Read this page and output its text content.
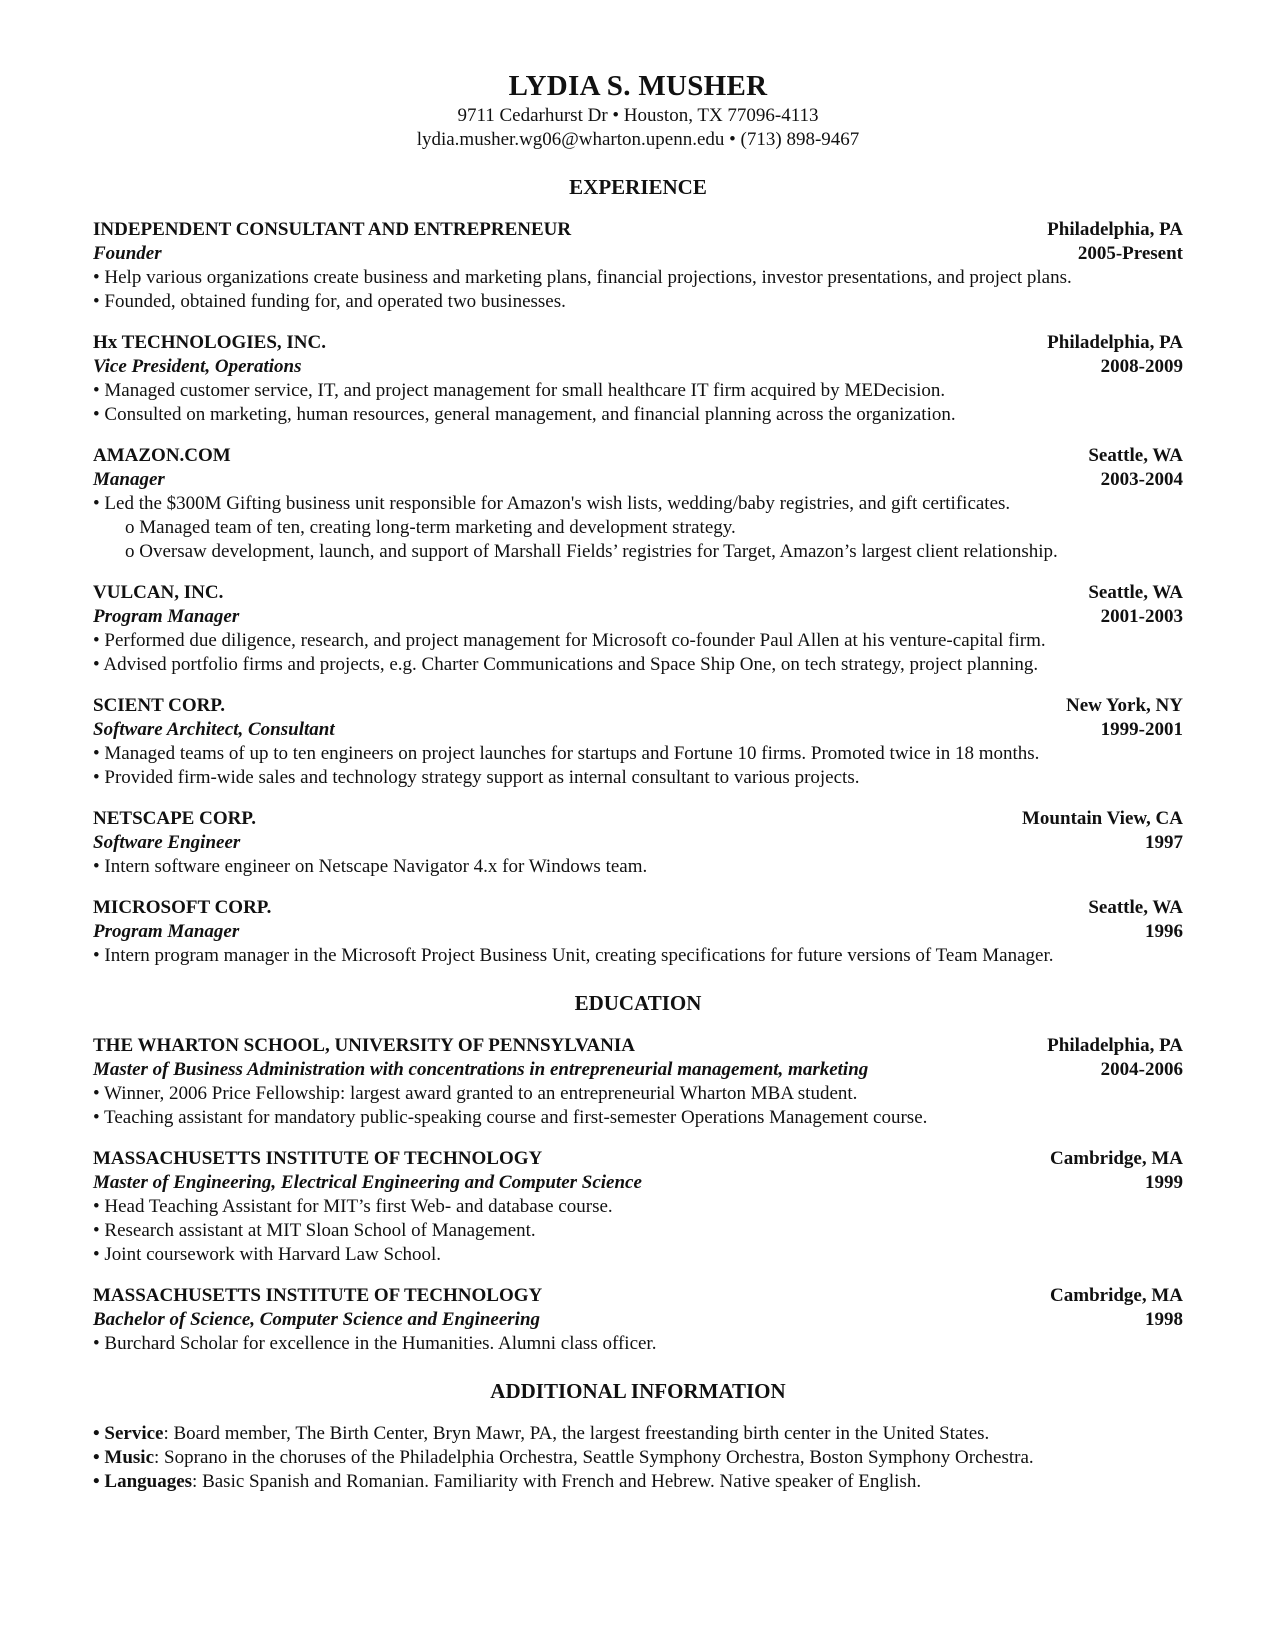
LYDIA S. MUSHER

9711 Cedarhurst Dr • Houston, TX 77096-4113

lydia.musher.wg06@wharton.upenn.edu • (713) 898-9467

EXPERIENCE
INDEPENDENT CONSULTANT AND ENTREPRENEUR	Philadelphia, PA
Founder	2005-Present
• Help various organizations create business and marketing plans, financial projections, investor presentations, and project plans.
• Founded, obtained funding for, and operated two businesses.
Hx TECHNOLOGIES, INC.	Philadelphia, PA
Vice President, Operations	2008-2009
• Managed customer service, IT, and project management for small healthcare IT firm acquired by MEDecision.
• Consulted on marketing, human resources, general management, and financial planning across the organization.
AMAZON.COM	Seattle, WA
Manager	2003-2004
• Led the $300M Gifting business unit responsible for Amazon's wish lists, wedding/baby registries, and gift certificates.
o Managed team of ten, creating long-term marketing and development strategy.
o Oversaw development, launch, and support of Marshall Fields’ registries for Target, Amazon’s largest client relationship.
VULCAN, INC.	Seattle, WA
Program Manager	2001-2003
• Performed due diligence, research, and project management for Microsoft co-founder Paul Allen at his venture-capital firm.
• Advised portfolio firms and projects, e.g. Charter Communications and Space Ship One, on tech strategy, project planning.
SCIENT CORP.	New York, NY
Software Architect, Consultant	1999-2001
• Managed teams of up to ten engineers on project launches for startups and Fortune 10 firms. Promoted twice in 18 months.
• Provided firm-wide sales and technology strategy support as internal consultant to various projects.
NETSCAPE CORP.	Mountain View, CA
Software Engineer	1997
• Intern software engineer on Netscape Navigator 4.x for Windows team.
MICROSOFT CORP.	Seattle, WA
Program Manager	1996
• Intern program manager in the Microsoft Project Business Unit, creating specifications for future versions of Team Manager.
EDUCATION
THE WHARTON SCHOOL, UNIVERSITY OF PENNSYLVANIA	Philadelphia, PA
Master of Business Administration with concentrations in entrepreneurial management, marketing	2004-2006
• Winner, 2006 Price Fellowship: largest award granted to an entrepreneurial Wharton MBA student.
• Teaching assistant for mandatory public-speaking course and first-semester Operations Management course.
MASSACHUSETTS INSTITUTE OF TECHNOLOGY	Cambridge, MA
Master of Engineering, Electrical Engineering and Computer Science	1999
• Head Teaching Assistant for MIT’s first Web- and database course.
• Research assistant at MIT Sloan School of Management.
• Joint coursework with Harvard Law School.
MASSACHUSETTS INSTITUTE OF TECHNOLOGY	Cambridge, MA
Bachelor of Science, Computer Science and Engineering	1998
• Burchard Scholar for excellence in the Humanities. Alumni class officer.
ADDITIONAL INFORMATION
• Service: Board member, The Birth Center, Bryn Mawr, PA, the largest freestanding birth center in the United States.
• Music: Soprano in the choruses of the Philadelphia Orchestra, Seattle Symphony Orchestra, Boston Symphony Orchestra.
• Languages: Basic Spanish and Romanian. Familiarity with French and Hebrew. Native speaker of English.
